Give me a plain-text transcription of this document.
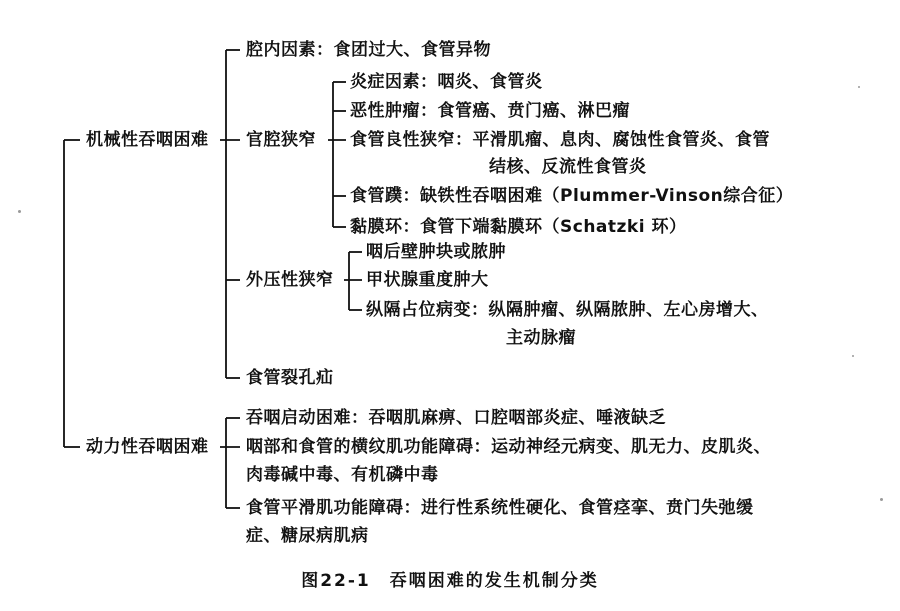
机械性吞咽困难
动力性吞咽困难
腔内因素：食团过大、食管异物
官腔狭窄
外压性狭窄
食管裂孔疝
炎症因素：咽炎、食管炎
恶性肿瘤：食管癌、贲门癌、淋巴瘤
食管良性狭窄：平滑肌瘤、息肉、腐蚀性食管炎、食管
结核、反流性食管炎
食管蹼：缺铁性吞咽困难（Plummer-Vinson综合征）
黏膜环：食管下端黏膜环（Schatzki 环）
咽后壁肿块或脓肿
甲状腺重度肿大
纵隔占位病变：纵隔肿瘤、纵隔脓肿、左心房增大、
主动脉瘤
吞咽启动困难：吞咽肌麻痹、口腔咽部炎症、唾液缺乏
咽部和食管的横纹肌功能障碍：运动神经元病变、肌无力、皮肌炎、
肉毒碱中毒、有机磷中毒
食管平滑肌功能障碍：进行性系统性硬化、食管痉挛、贲门失弛缓
症、糖尿病肌病
图22-1　吞咽困难的发生机制分类
